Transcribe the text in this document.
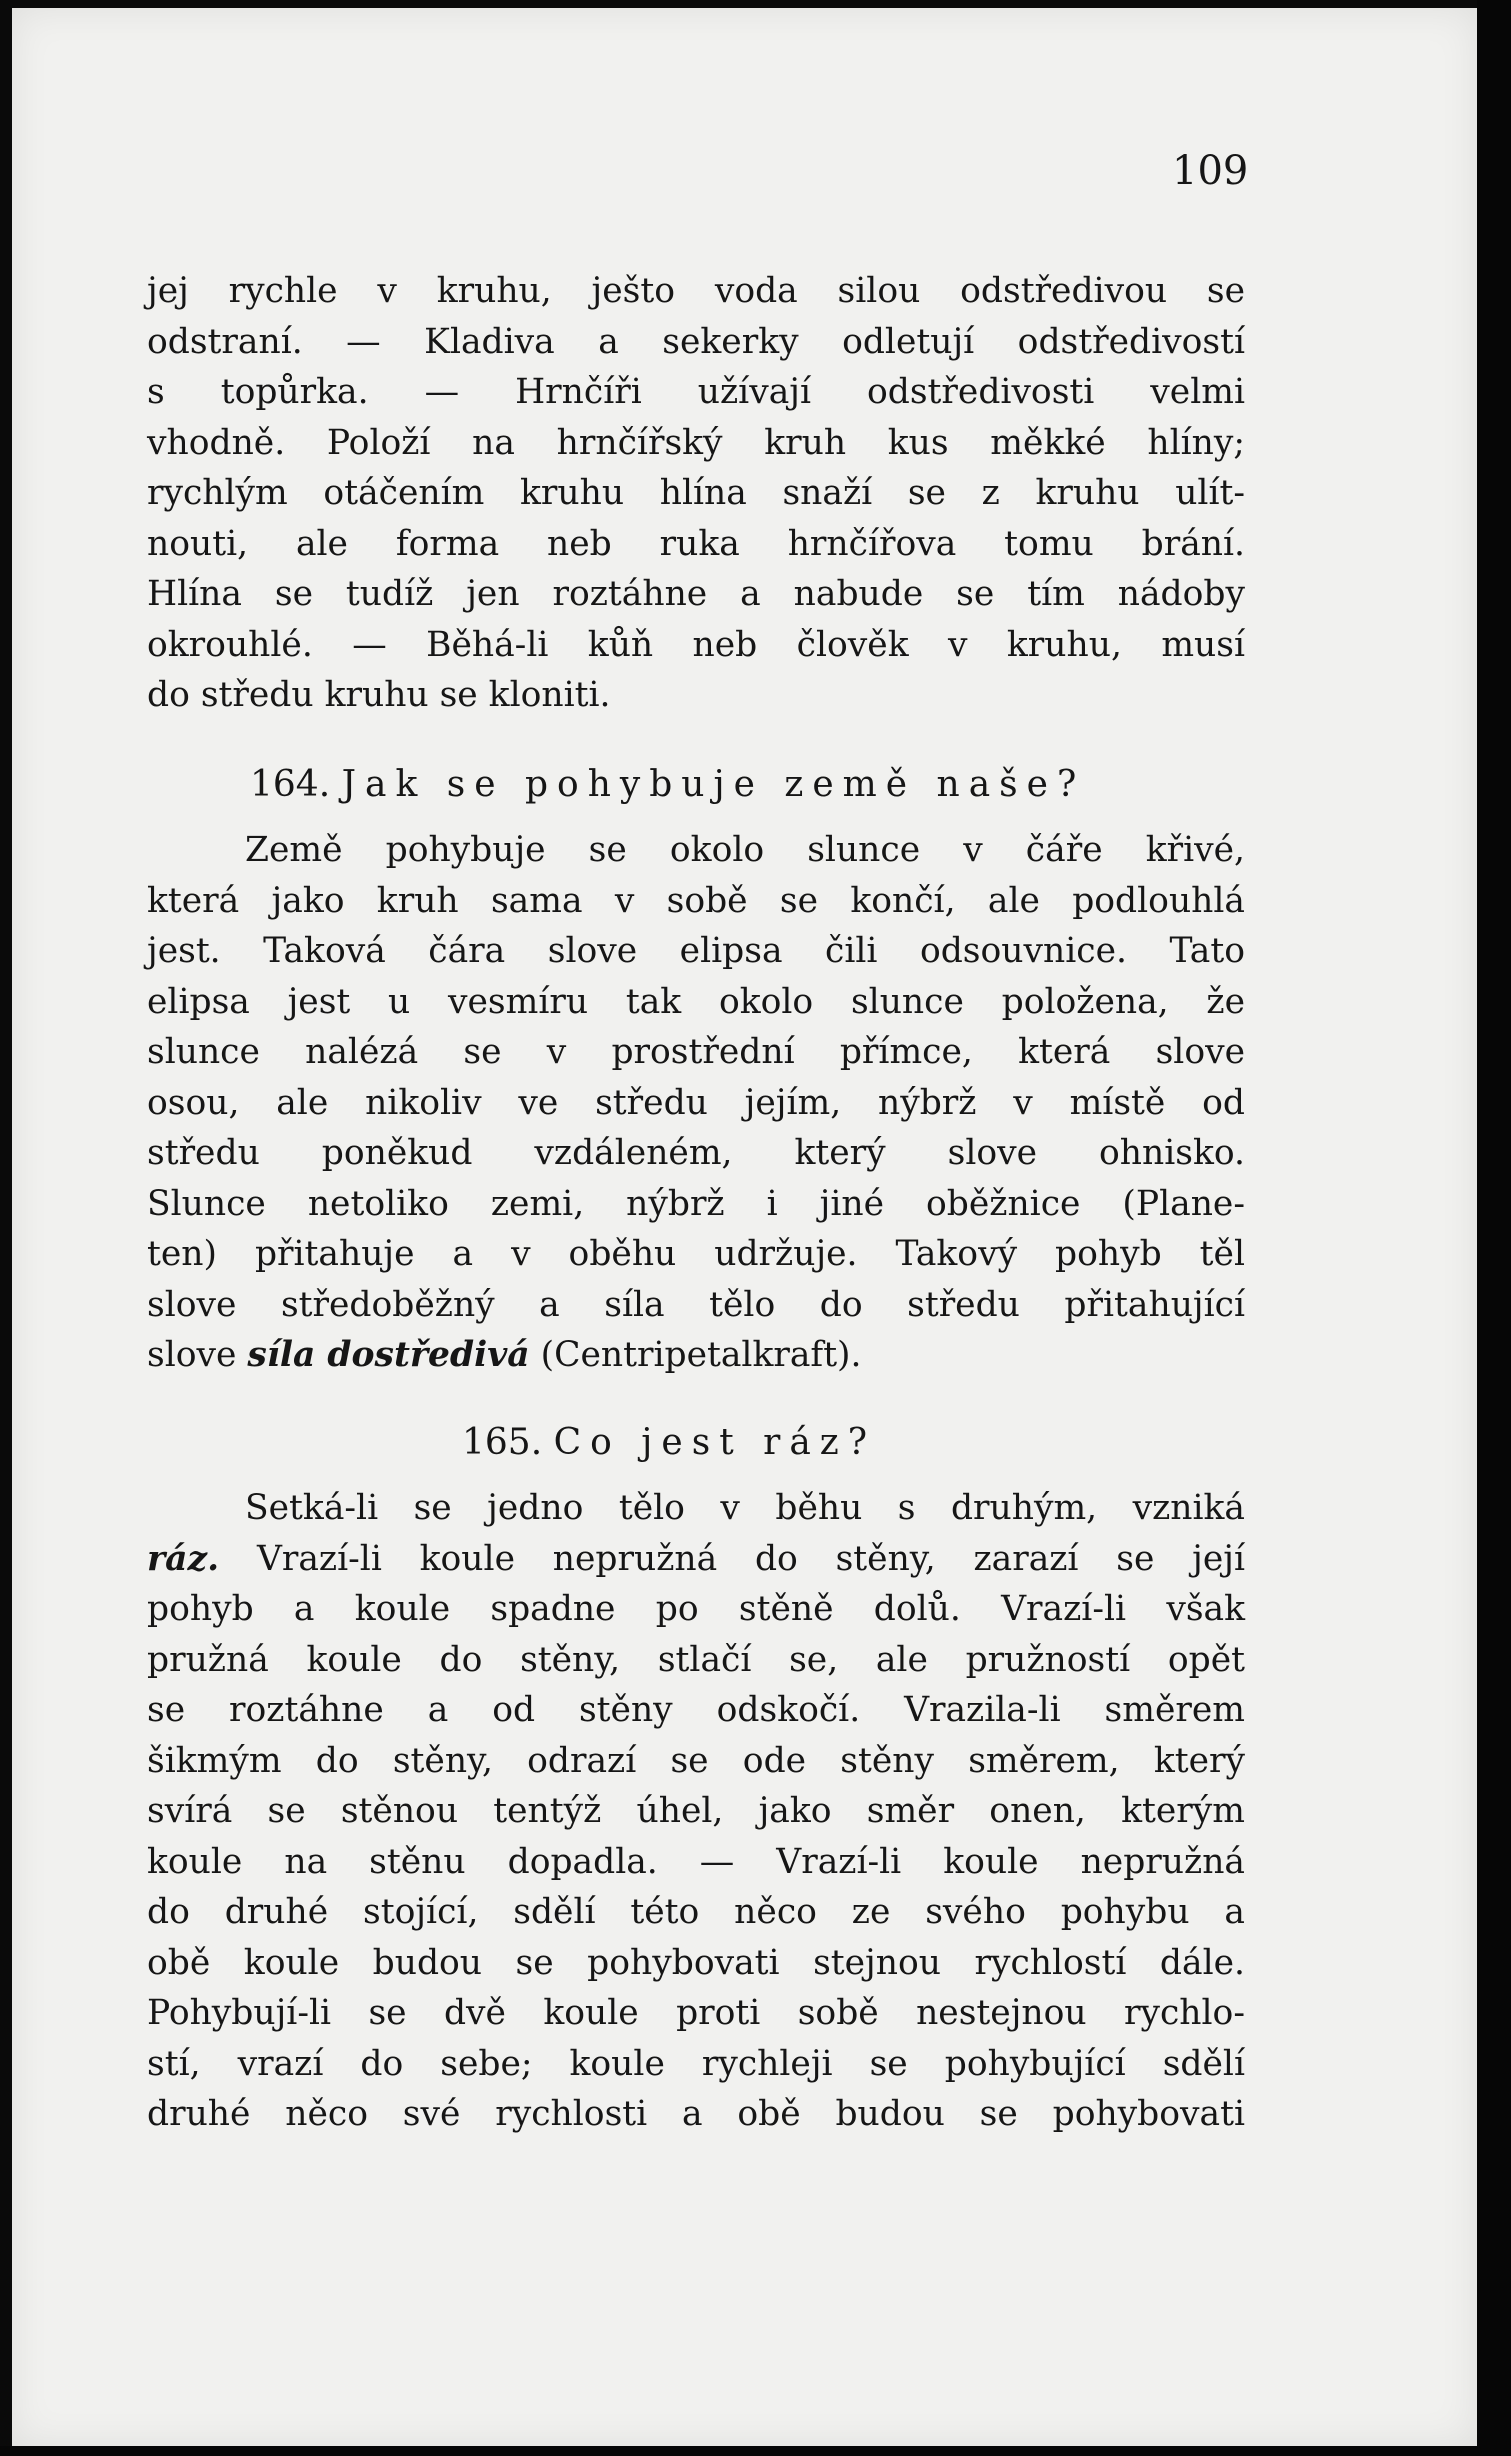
109
jej rychle v kruhu, ješto voda silou odstředivou se
odstraní. — Kladiva a sekerky odletují odstředivostí
s topůrka. — Hrnčíři užívají odstředivosti velmi
vhodně. Položí na hrnčířský kruh kus měkké hlíny;
rychlým otáčením kruhu hlína snaží se z kruhu ulít-
nouti, ale forma neb ruka hrnčířova tomu brání.
Hlína se tudíž jen roztáhne a nabude se tím nádoby
okrouhlé. — Běhá-li kůň neb člověk v kruhu, musí
do středu kruhu se kloniti.
164. Jak se pohybuje země naše?
Země pohybuje se okolo slunce v čáře křivé,
která jako kruh sama v sobě se končí, ale podlouhlá
jest. Taková čára slove elipsa čili odsouvnice. Tato
elipsa jest u vesmíru tak okolo slunce položena, že
slunce nalézá se v prostřední přímce, která slove
osou, ale nikoliv ve středu jejím, nýbrž v místě od
středu poněkud vzdáleném, který slove ohnisko.
Slunce netoliko zemi, nýbrž i jiné oběžnice (Plane-
ten) přitahuje a v oběhu udržuje. Takový pohyb těl
slove středoběžný a síla tělo do středu přitahující
slove síla dostředivá (Centripetalkraft).
165. Co jest ráz?
Setká-li se jedno tělo v běhu s druhým, vzniká
ráz. Vrazí-li koule nepružná do stěny, zarazí se její
pohyb a koule spadne po stěně dolů. Vrazí-li však
pružná koule do stěny, stlačí se, ale pružností opět
se roztáhne a od stěny odskočí. Vrazila-li směrem
šikmým do stěny, odrazí se ode stěny směrem, který
svírá se stěnou tentýž úhel, jako směr onen, kterým
koule na stěnu dopadla. — Vrazí-li koule nepružná
do druhé stojící, sdělí této něco ze svého pohybu a
obě koule budou se pohybovati stejnou rychlostí dále.
Pohybují-li se dvě koule proti sobě nestejnou rychlo-
stí, vrazí do sebe; koule rychleji se pohybující sdělí
druhé něco své rychlosti a obě budou se pohybovati
